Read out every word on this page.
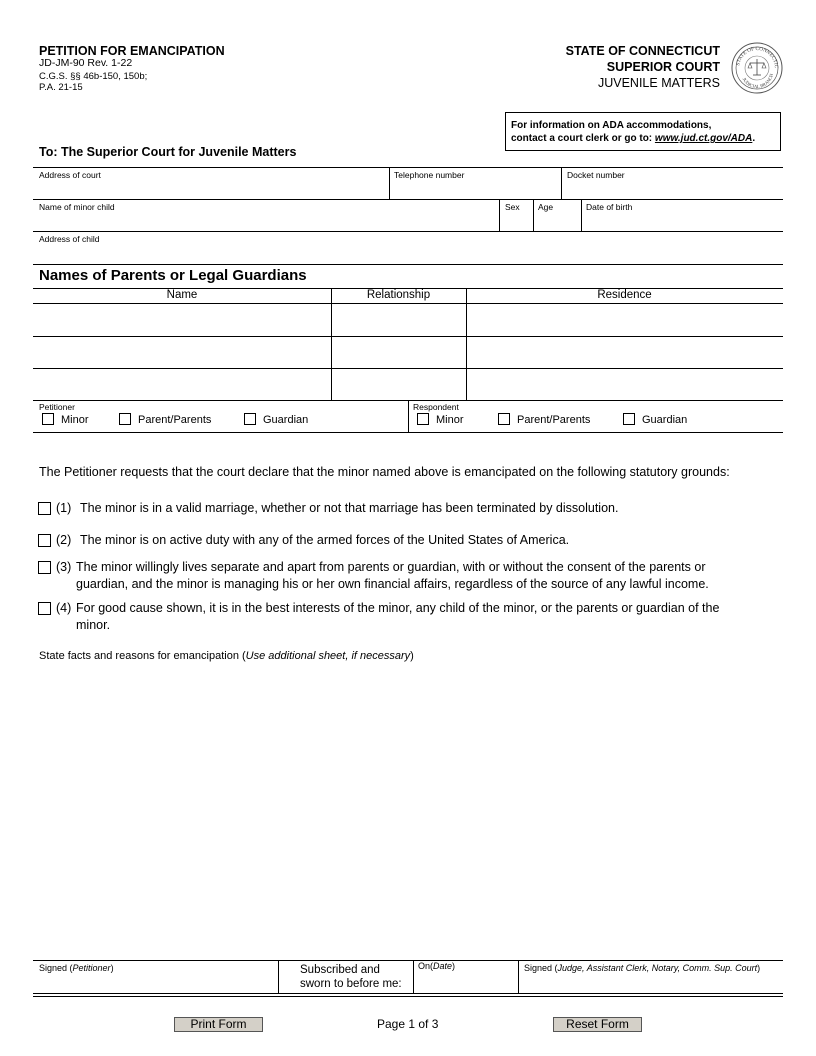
PETITION FOR EMANCIPATION
JD-JM-90 Rev. 1-22
C.G.S. §§ 46b-150, 150b;
P.A. 21-15
STATE OF CONNECTICUT
SUPERIOR COURT
JUVENILE MATTERS
STATE OF CONNECTIC
JUDICIAL BRANCH
For information on ADA accommodations,
contact a court clerk or go to: www.jud.ct.gov/ADA.
To: The Superior Court for Juvenile Matters
Address of court	Telephone number	Docket number
Name of minor child	Sex Age	Date of birth
Address of child
Names of Parents or Legal Guardians
Name	Relationship	Residence
Petitioner
Minor	Parent/Parents	Guardian
Respondent
Minor	Parent/Parents	Guardian
The Petitioner requests that the court declare that the minor named above is emancipated on the following statutory grounds:
(1) The minor is in a valid marriage, whether or not that marriage has been terminated by dissolution.
(2) The minor is on active duty with any of the armed forces of the United States of America.
(3) The minor willingly lives separate and apart from parents or guardian, with or without the consent of the parents or
guardian, and the minor is managing his or her own financial affairs, regardless of the source of any lawful income.
(4) For good cause shown, it is in the best interests of the minor, any child of the minor, or the parents or guardian of the
minor.
State facts and reasons for emancipation (Use additional sheet, if necessary)
Signed (Petitioner)	Subscribed and
sworn to before me:
On(Date)	Signed (Judge, Assistant Clerk, Notary, Comm. Sup. Court)
Print Form	Page 1 of 3	Reset Form
